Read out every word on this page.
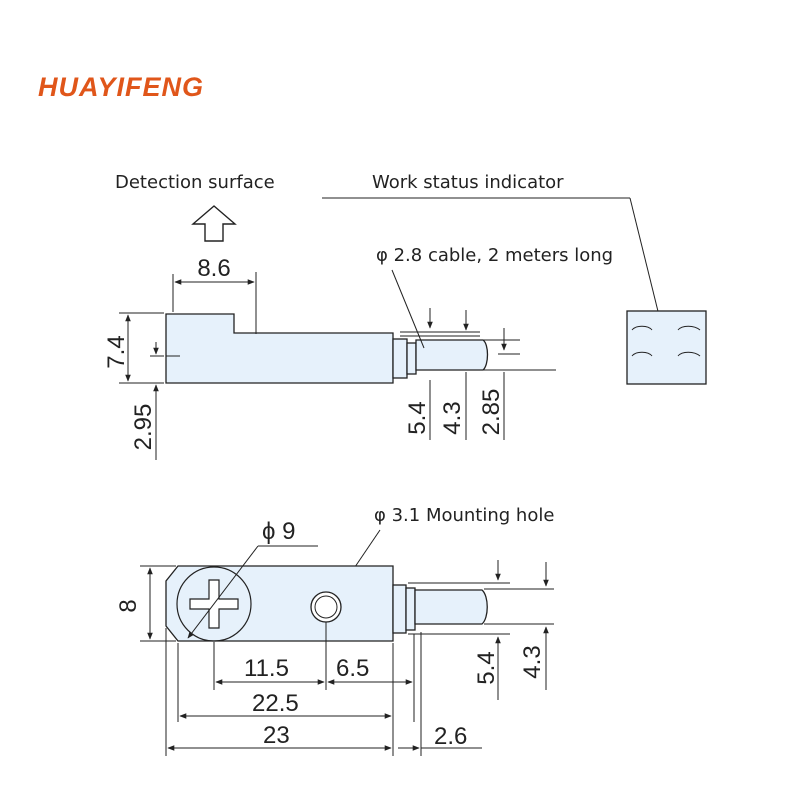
HUAYIFENG
Detection surface	Work status indicator
8.6
7.4
2.95
φ 2.8 cable, 2 meters long
5.4 4.3 2.85
φ 3.1 Mounting hole
ϕ 9
8
11.5 6.5
22.5
23	2.6
5.4 4.3
